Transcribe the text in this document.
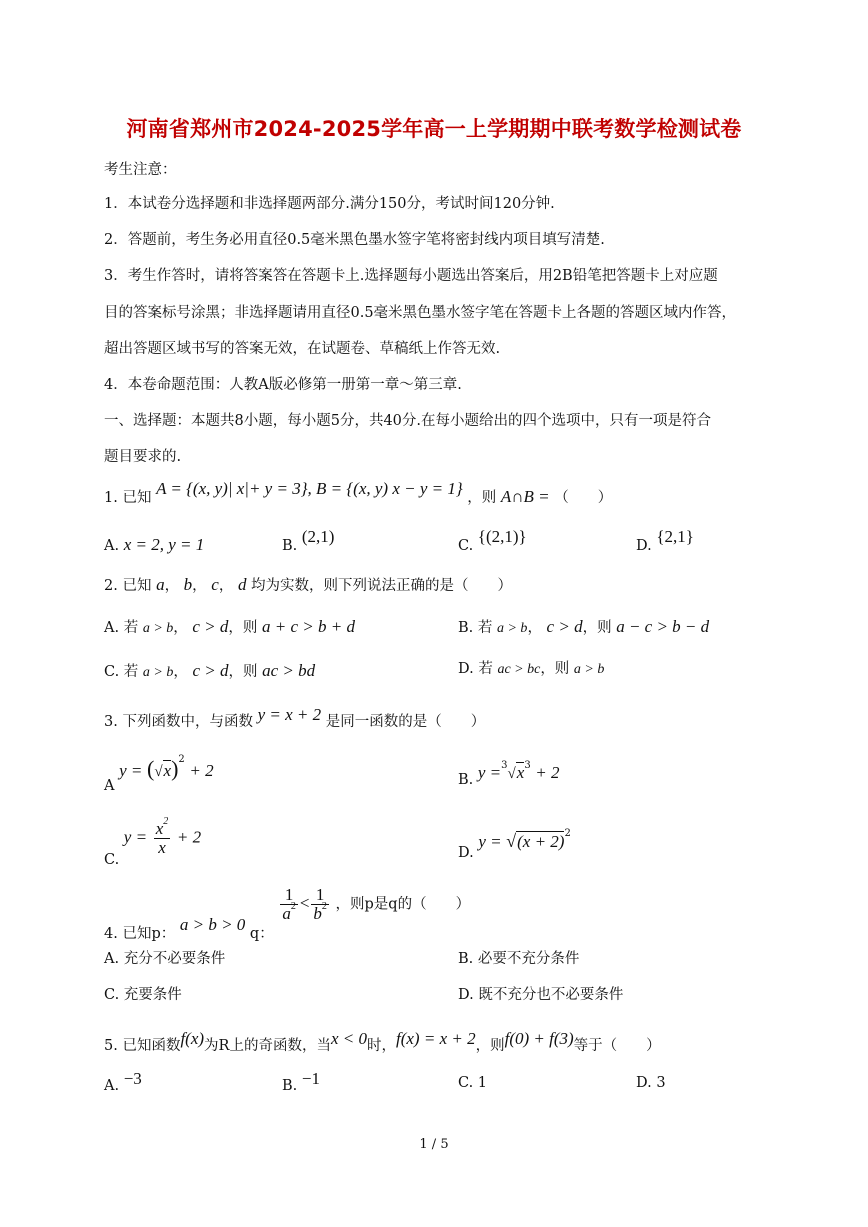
河南省郑州市2024-2025学年高一上学期期中联考数学检测试卷
考生注意：
1．本试卷分选择题和非选择题两部分.满分150分，考试时间120分钟.
2．答题前，考生务必用直径0.5毫米黑色墨水签字笔将密封线内项目填写清楚.
3．考生作答时，请将答案答在答题卡上.选择题每小题选出答案后，用2B铅笔把答题卡上对应题
目的答案标号涂黑；非选择题请用直径0.5毫米黑色墨水签字笔在答题卡上各题的答题区域内作答，
超出答题区域书写的答案无效，在试题卷、草稿纸上作答无效.
4．本卷命题范围：人教A版必修第一册第一章～第三章.
一、选择题：本题共8小题，每小题5分，共40分.在每小题给出的四个选项中，只有一项是符合
题目要求的.
1. 已知 A = {(x, y)| x|+ y = 3}, B = {(x, y) x − y = 1} ，则 A∩B = （　　）
A. x = 2, y = 1	B. (2,1)	C. {(2,1)}	D. {2,1}
2. 已知 a， b， c， d 均为实数，则下列说法正确的是（　　）
A. 若 a > b， c > d，则 a + c > b + d	B. 若 a > b， c > d，则 a − c > b − d
C. 若 a > b， c > d，则 ac > bd	D. 若 ac > bc，则 a > b
3. 下列函数中，与函数 y = x + 2 是同一函数的是（　　）
A $y = (√x)^2 + 2$	B. $y =^3√x^3 + 2$
C. $y = \frac{x^2}{x} + 2$
D. $y = √(x + 2)^2$
4. 已知p： a > b > 0 q：
$\frac{1}{a^2} < \frac{1}{b^2}$ ，则p是q的（　　）
A. 充分不必要条件	B. 必要不充分条件
C. 充要条件	D. 既不充分也不必要条件
5. 已知函数f(x)为R上的奇函数，当x < 0时，f(x) = x + 2，则f(0) + f(3)等于（　　）
A. −3	B. −1	C. 1	D. 3
1 / 5
